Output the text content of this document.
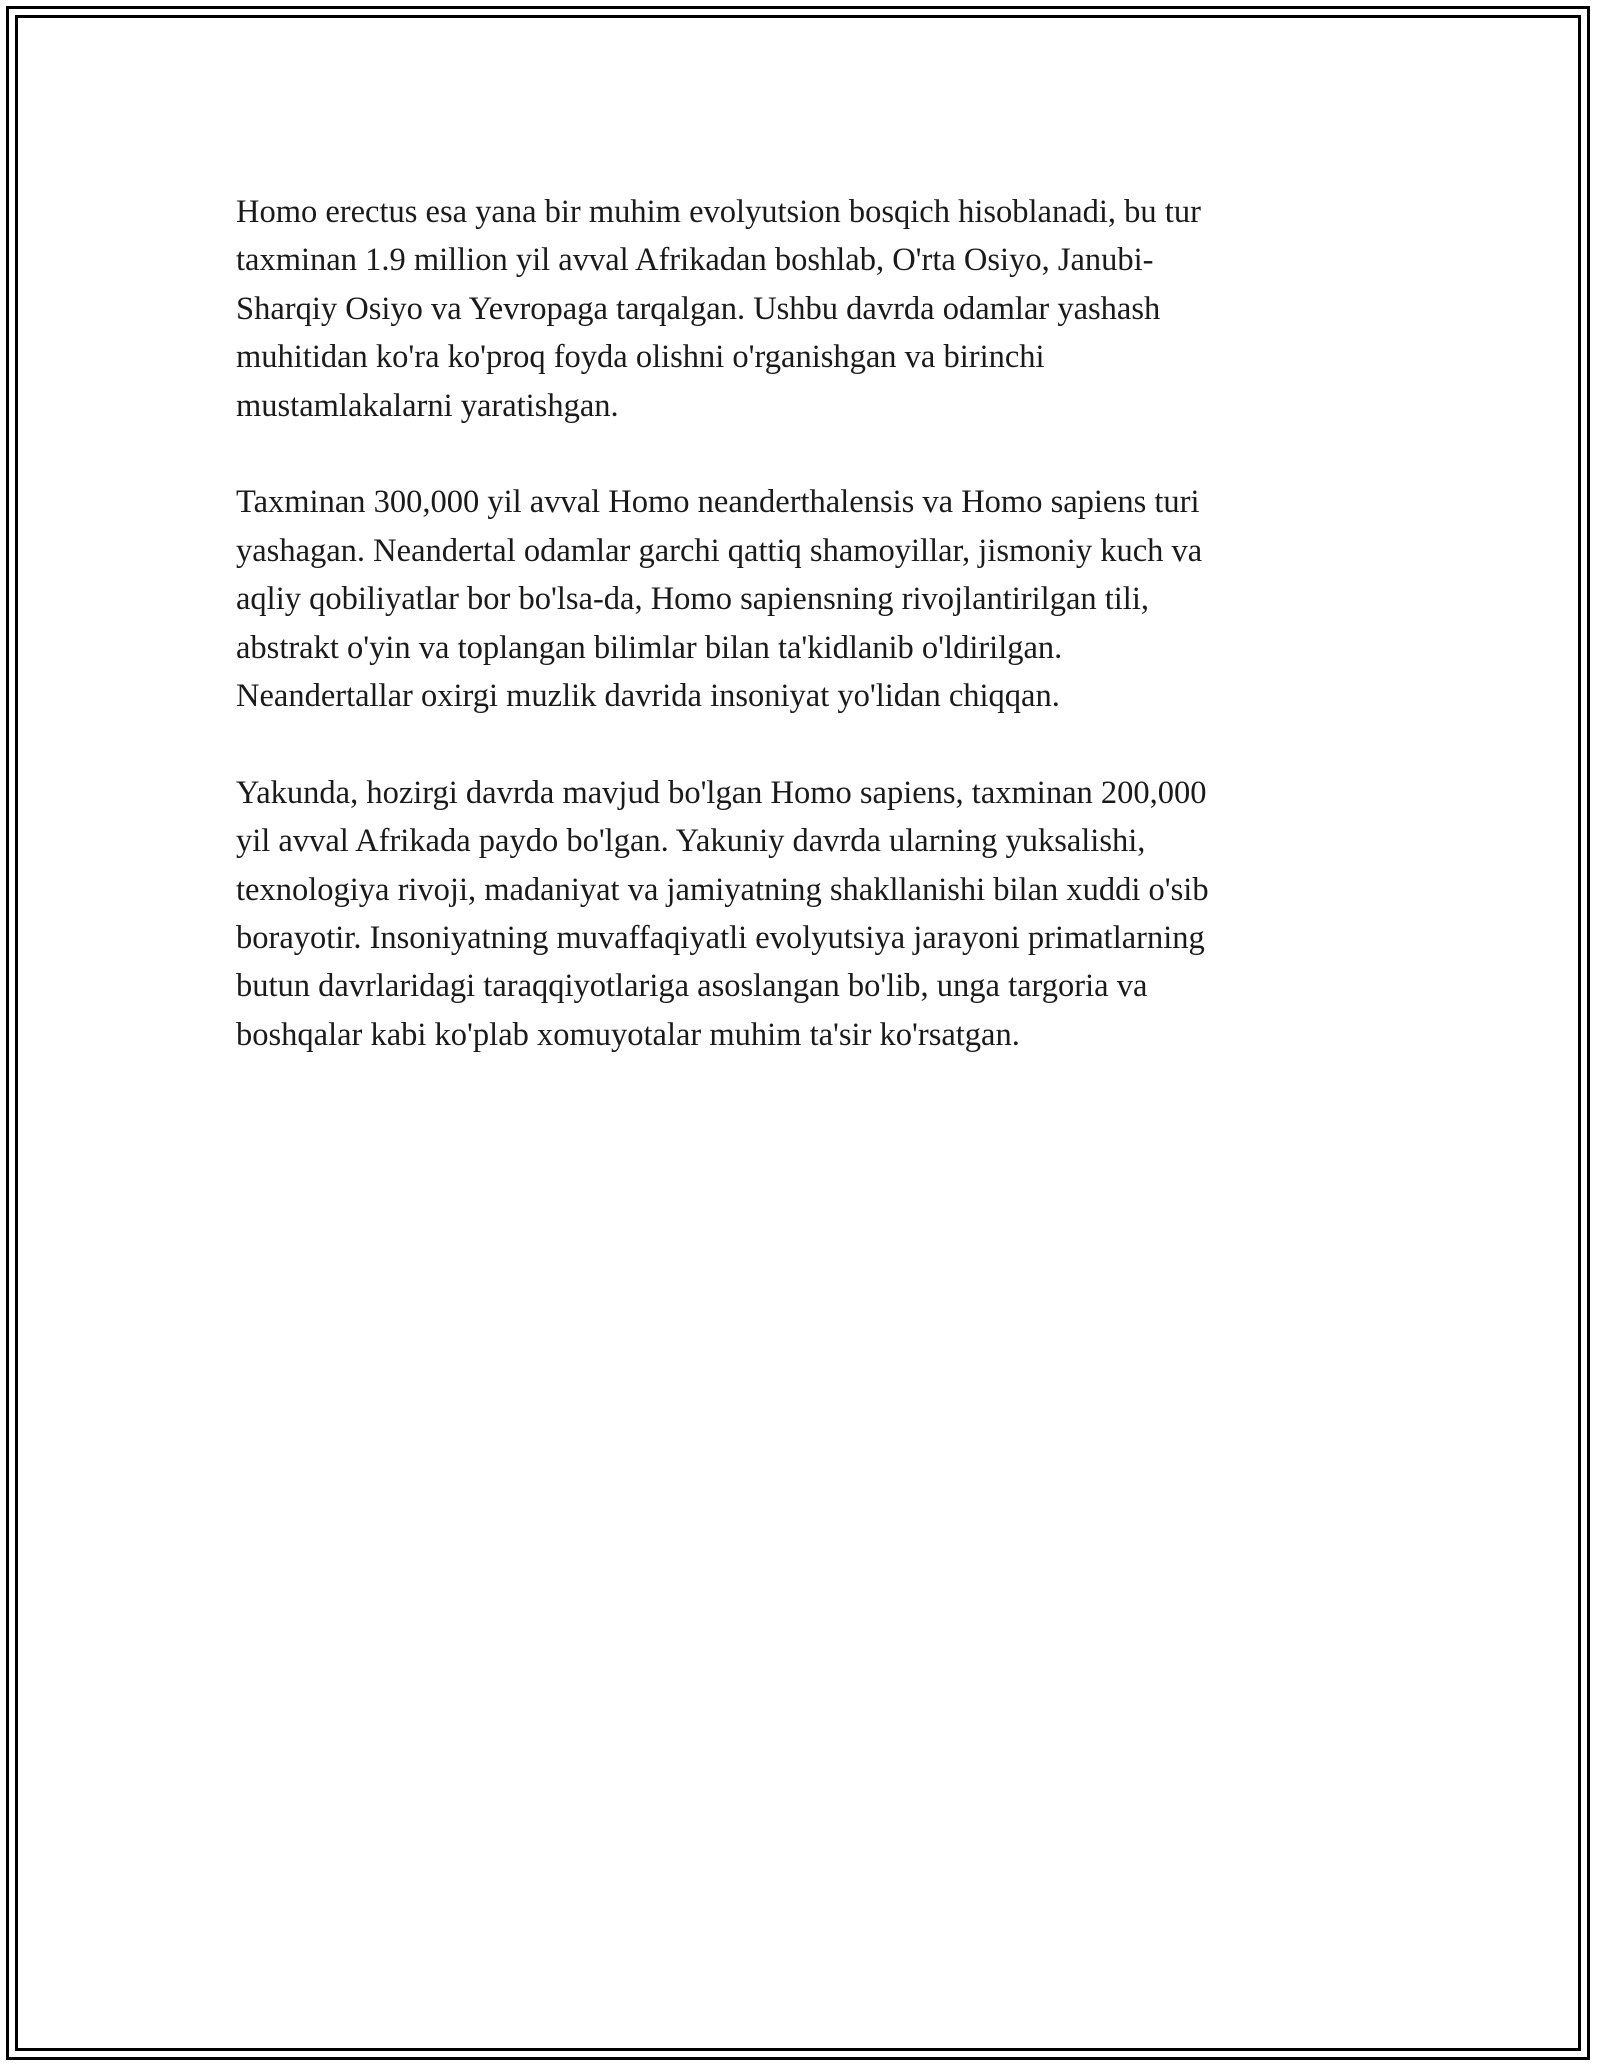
Homo erectus esa yana bir muhim evolyutsion bosqich hisoblanadi, bu tur
taxminan 1.9 million yil avval Afrikadan boshlab, O'rta Osiyo, Janubi-
Sharqiy Osiyo va Yevropaga tarqalgan. Ushbu davrda odamlar yashash
muhitidan ko'ra ko'proq foyda olishni o'rganishgan va birinchi
mustamlakalarni yaratishgan.

Taxminan 300,000 yil avval Homo neanderthalensis va Homo sapiens turi
yashagan. Neandertal odamlar garchi qattiq shamoyillar, jismoniy kuch va
aqliy qobiliyatlar bor bo'lsa-da, Homo sapiensning rivojlantirilgan tili,
abstrakt o'yin va toplangan bilimlar bilan ta'kidlanib o'ldirilgan.
Neandertallar oxirgi muzlik davrida insoniyat yo'lidan chiqqan.

Yakunda, hozirgi davrda mavjud bo'lgan Homo sapiens, taxminan 200,000
yil avval Afrikada paydo bo'lgan. Yakuniy davrda ularning yuksalishi,
texnologiya rivoji, madaniyat va jamiyatning shakllanishi bilan xuddi o'sib
borayotir. Insoniyatning muvaffaqiyatli evolyutsiya jarayoni primatlarning
butun davrlaridagi taraqqiyotlariga asoslangan bo'lib, unga targoria va
boshqalar kabi ko'plab xomuyotalar muhim ta'sir ko'rsatgan.
